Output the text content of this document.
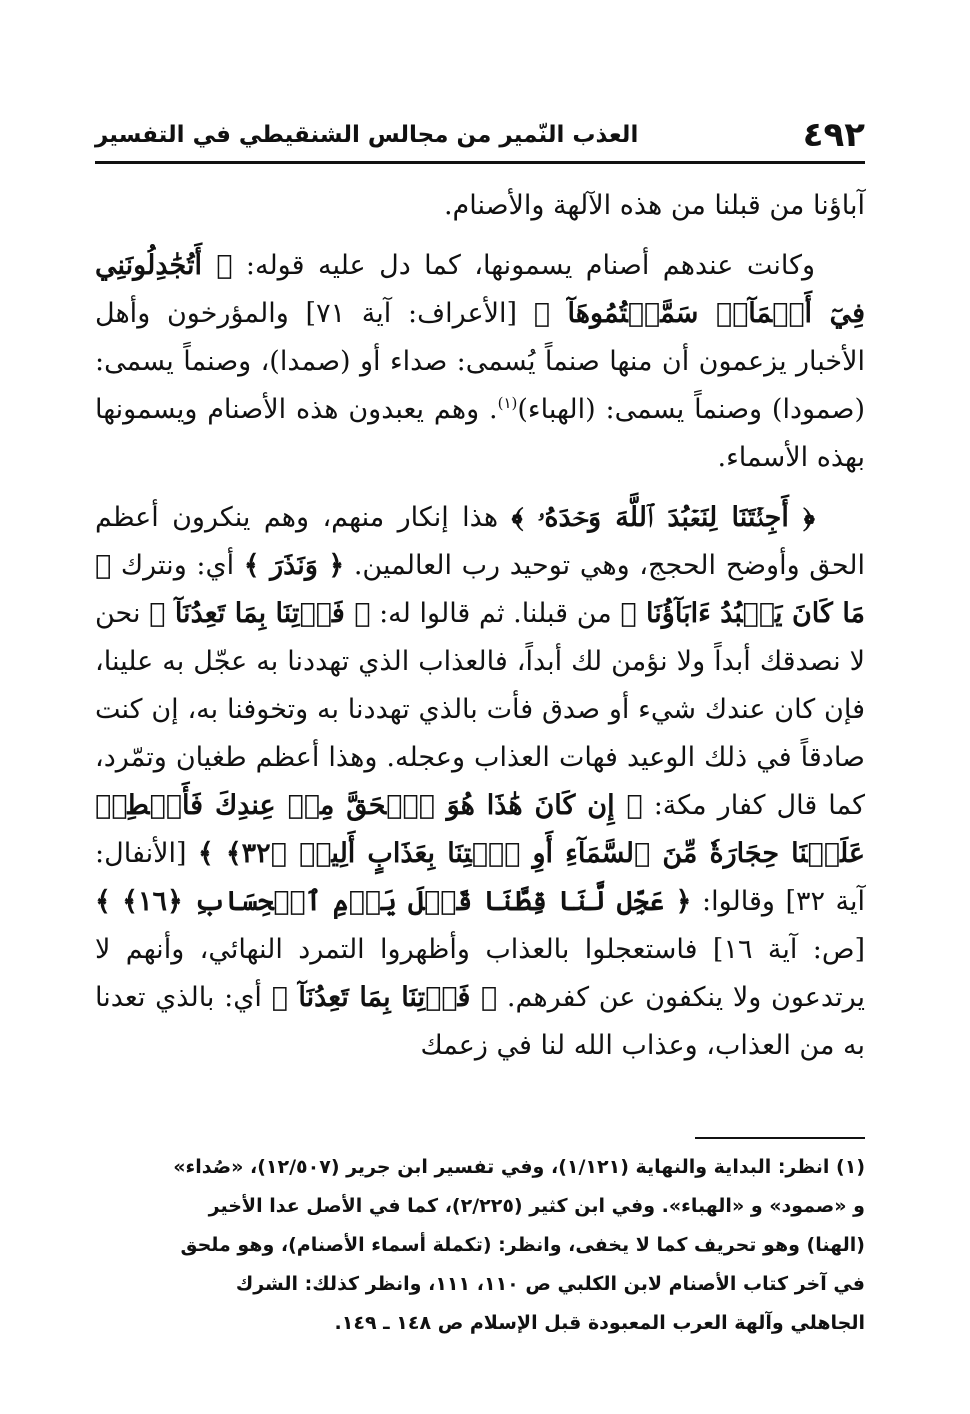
٤٩٢
العذب النّمير من مجالس الشنقيطي في التفسير

آباؤنا من قبلنا من هذه الآلهة والأصنام.

وكانت عندهم أصنام يسمونها، كما دل عليه قوله: ﴿ أَتُجَٰدِلُونَنِي فِيٓ أَسۡمَآءٖ سَمَّيۡتُمُوهَآ ﴾ [الأعراف: آية ٧١] والمؤرخون وأهل الأخبار يزعمون أن منها صنماً يُسمى: صداء أو (صمدا)، وصنماً يسمى: (صمودا) وصنماً يسمى: (الهباء)$^{(١)}$. وهم يعبدون هذه الأصنام ويسمونها بهذه الأسماء.

﴿ أَجِئۡتَنَا لِنَعۡبُدَ ٱللَّهَ وَحۡدَهُۥ ﴾ هذا إنكار منهم، وهم ينكرون أعظم الحق وأوضح الحجج، وهي توحيد رب العالمين. ﴿ وَنَذَرَ ﴾ أي: ونترك ﴿ مَا كَانَ يَعۡبُدُ ءَابَآؤُنَا ﴾ من قبلنا. ثم قالوا له: ﴿ فَأۡتِنَا بِمَا تَعِدُنَآ ﴾ نحن لا نصدقك أبداً ولا نؤمن لك أبداً، فالعذاب الذي تهددنا به عجّل به علينا، فإن كان عندك شيء أو صدق فأت بالذي تهددنا به وتخوفنا به، إن كنت صادقاً في ذلك الوعيد فهات العذاب وعجله. وهذا أعظم طغيان وتمّرد، كما قال كفار مكة: ﴿ إِن كَانَ هَٰذَا هُوَ ٱلۡحَقَّ مِنۡ عِندِكَ فَأَمۡطِرۡ عَلَيۡنَا حِجَارَةٗ مِّنَ ٱلسَّمَآءِ أَوِ ٱئۡتِنَا بِعَذَابٍ أَلِيمٖ ﴿٣٢﴾ ﴾ [الأنفال: آية ٣٢] وقالوا: ﴿ عَجِّل لَّنَا قِطَّنَا قَبۡلَ يَوۡمِ ٱلۡحِسَابِ ﴿١٦﴾ ﴾ [ص: آية ١٦] فاستعجلوا بالعذاب وأظهروا التمرد النهائي، وأنهم لا يرتدعون ولا ينكفون عن كفرهم. ﴿ فَأۡتِنَا بِمَا تَعِدُنَآ ﴾ أي: بالذي تعدنا به من العذاب، وعذاب الله لنا في زعمك

(١) انظر: البداية والنهاية (١/١٢١)، وفي تفسير ابن جرير (١٢/٥٠٧)، «صُداء»

و «صمود» و «الهباء». وفي ابن كثير (٢/٢٢٥)، كما في الأصل عدا الأخير

(الهنا) وهو تحريف كما لا يخفى، وانظر: (تكملة أسماء الأصنام)، وهو ملحق

في آخر كتاب الأصنام لابن الكلبي ص ١١٠، ١١١، وانظر كذلك: الشرك

الجاهلي وآلهة العرب المعبودة قبل الإسلام ص ١٤٨ ـ ١٤٩.
